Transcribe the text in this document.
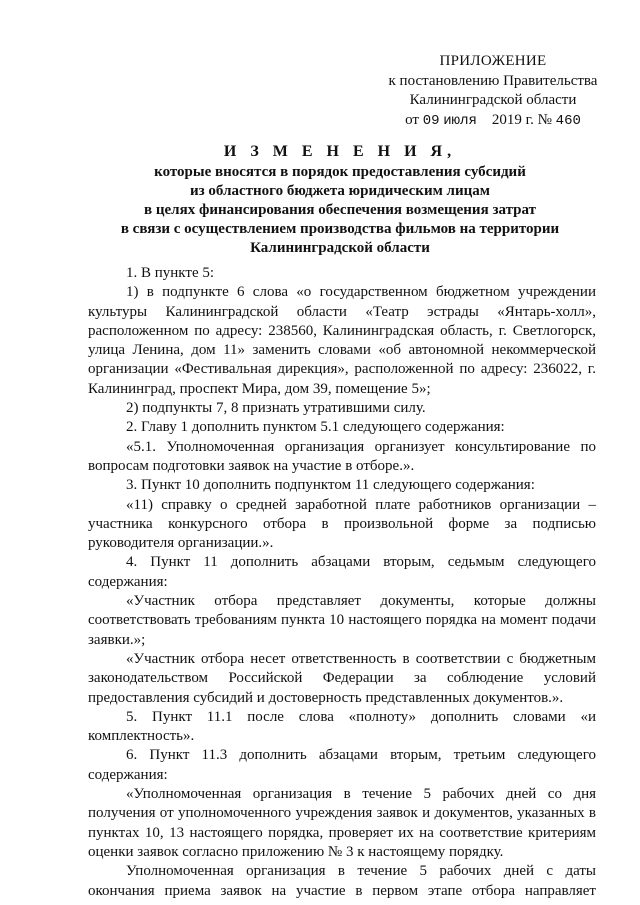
ПРИЛОЖЕНИЕ
к постановлению Правительства
Калининградской области
от 09 июля 2019 г. № 460
И З М Е Н Е Н И Я,
которые вносятся в порядок предоставления субсидий
из областного бюджета юридическим лицам
в целях финансирования обеспечения возмещения затрат
в связи с осуществлением производства фильмов на территории
Калининградской области

1. В пункте 5:

1) в подпункте 6 слова «о государственном бюджетном учреждении культуры Калининградской области «Театр эстрады «Янтарь-холл», расположенном по адресу: 238560, Калининградская область, г. Светлогорск, улица Ленина, дом 11» заменить словами «об автономной некоммерческой организации «Фестивальная дирекция», расположенной по адресу: 236022, г. Калининград, проспект Мира, дом 39, помещение 5»;

2) подпункты 7, 8 признать утратившими силу.

2. Главу 1 дополнить пунктом 5.1 следующего содержания:

«5.1. Уполномоченная организация организует консультирование по вопросам подготовки заявок на участие в отборе.».

3. Пункт 10 дополнить подпунктом 11 следующего содержания:

«11) справку о средней заработной плате работников организации – участника конкурсного отбора в произвольной форме за подписью руководителя организации.».

4. Пункт 11 дополнить абзацами вторым, седьмым следующего содержания:

«Участник отбора представляет документы, которые должны соответствовать требованиям пункта 10 настоящего порядка на момент подачи заявки.»;

«Участник отбора несет ответственность в соответствии с бюджетным законодательством Российской Федерации за соблюдение условий предоставления субсидий и достоверность представленных документов.».

5. Пункт 11.1 после слова «полноту» дополнить словами «и комплектность».

6. Пункт 11.3 дополнить абзацами вторым, третьим следующего содержания:

«Уполномоченная организация в течение 5 рабочих дней со дня получения от уполномоченного учреждения заявок и документов, указанных в пунктах 10, 13 настоящего порядка, проверяет их на соответствие критериям оценки заявок согласно приложению № 3 к настоящему порядку.

Уполномоченная организация в течение 5 рабочих дней с даты окончания приема заявок на участие в первом этапе отбора направляет
